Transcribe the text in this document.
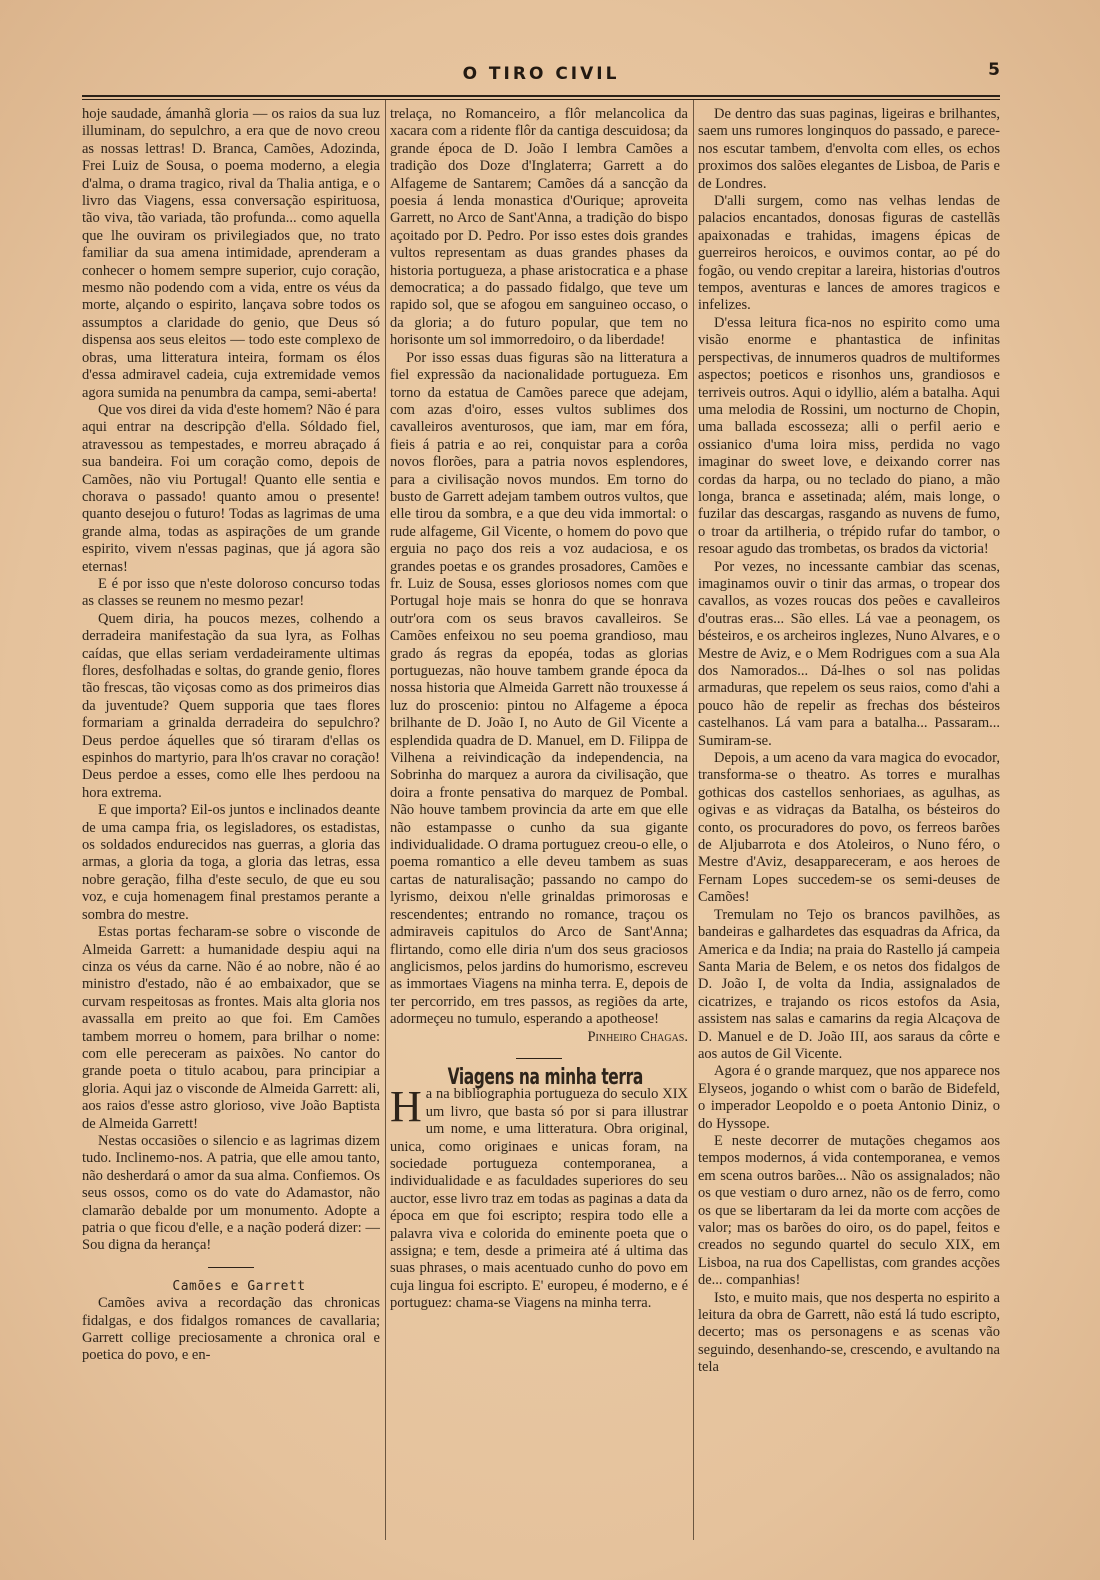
O TIRO CIVIL	5

hoje saudade, ámanhã gloria — os raios da sua luz illuminam, do sepulchro, a era que de novo creou as nossas lettras! D. Branca, Camões, Adozinda, Frei Luiz de Sousa, o poema moderno, a elegia d'alma, o drama tragico, rival da Thalia antiga, e o livro das Viagens, essa conversação espirituosa, tão viva, tão variada, tão profunda... como aquella que lhe ouviram os privilegiados que, no trato familiar da sua amena intimidade, aprenderam a conhecer o homem sempre superior, cujo coração, mesmo não podendo com a vida, entre os véus da morte, alçando o espirito, lançava sobre todos os assumptos a claridade do genio, que Deus só dispensa aos seus eleitos — todo este complexo de obras, uma litteratura inteira, formam os élos d'essa admiravel cadeia, cuja extremidade vemos agora sumida na penumbra da campa, semi-aberta!

Que vos direi da vida d'este homem? Não é para aqui entrar na descripção d'ella. Sóldado fiel, atravessou as tempestades, e morreu abraçado á sua bandeira. Foi um coração como, depois de Camões, não viu Portugal! Quanto elle sentia e chorava o passado! quanto amou o presente! quanto desejou o futuro! Todas as lagrimas de uma grande alma, todas as aspirações de um grande espirito, vivem n'essas paginas, que já agora são eternas!

E é por isso que n'este doloroso concurso todas as classes se reunem no mesmo pezar!

Quem diria, ha poucos mezes, colhendo a derradeira manifestação da sua lyra, as Folhas caídas, que ellas seriam verdadeiramente ultimas flores, desfolhadas e soltas, do grande genio, flores tão frescas, tão viçosas como as dos primeiros dias da juventude? Quem supporia que taes flores formariam a grinalda derradeira do sepulchro? Deus perdoe áquelles que só tiraram d'ellas os espinhos do martyrio, para lh'os cravar no coração! Deus perdoe a esses, como elle lhes perdoou na hora extrema.

E que importa? Eil-os juntos e inclinados deante de uma campa fria, os legisladores, os estadistas, os soldados endurecidos nas guerras, a gloria das armas, a gloria da toga, a gloria das letras, essa nobre geração, filha d'este seculo, de que eu sou voz, e cuja homenagem final prestamos perante a sombra do mestre.

Estas portas fecharam-se sobre o visconde de Almeida Garrett: a humanidade despiu aqui na cinza os véus da carne. Não é ao nobre, não é ao ministro d'estado, não é ao embaixador, que se curvam respeitosas as frontes. Mais alta gloria nos avassalla em preito ao que foi. Em Camões tambem morreu o homem, para brilhar o nome: com elle pereceram as paixões. No cantor do grande poeta o titulo acabou, para principiar a gloria. Aqui jaz o visconde de Almeida Garrett: ali, aos raios d'esse astro glorioso, vive João Baptista de Almeida Garrett!

Nestas occasiões o silencio e as lagrimas dizem tudo. Inclinemo-nos. A patria, que elle amou tanto, não desherdará o amor da sua alma. Confiemos. Os seus ossos, como os do vate do Adamastor, não clamarão debalde por um monumento. Adopte a patria o que ficou d'elle, e a nação poderá dizer: — Sou digna da herança!

Camões e Garrett

Camões aviva a recordação das chronicas fidalgas, e dos fidalgos romances de cavallaria; Garrett collige preciosamente a chronica oral e poetica do povo, e en-

trelaça, no Romanceiro, a flôr melancolica da xacara com a ridente flôr da cantiga descuidosa; da grande época de D. João I lembra Camões a tradição dos Doze d'Inglaterra; Garrett a do Alfageme de Santarem; Camões dá a sancção da poesia á lenda monastica d'Ourique; aproveita Garrett, no Arco de Sant'Anna, a tradição do bispo açoitado por D. Pedro. Por isso estes dois grandes vultos representam as duas grandes phases da historia portugueza, a phase aristocratica e a phase democratica; a do passado fidalgo, que teve um rapido sol, que se afogou em sanguineo occaso, o da gloria; a do futuro popular, que tem no horisonte um sol immorredoiro, o da liberdade!

Por isso essas duas figuras são na litteratura a fiel expressão da nacionalidade portugueza. Em torno da estatua de Camões parece que adejam, com azas d'oiro, esses vultos sublimes dos cavalleiros aventurosos, que iam, mar em fóra, fieis á patria e ao rei, conquistar para a corôa novos florões, para a patria novos esplendores, para a civilisação novos mundos. Em torno do busto de Garrett adejam tambem outros vultos, que elle tirou da sombra, e a que deu vida immortal: o rude alfageme, Gil Vicente, o homem do povo que erguia no paço dos reis a voz audaciosa, e os grandes poetas e os grandes prosadores, Camões e fr. Luiz de Sousa, esses gloriosos nomes com que Portugal hoje mais se honra do que se honrava outr'ora com os seus bravos cavalleiros. Se Camões enfeixou no seu poema grandioso, mau grado ás regras da epopéa, todas as glorias portuguezas, não houve tambem grande época da nossa historia que Almeida Garrett não trouxesse á luz do proscenio: pintou no Alfageme a época brilhante de D. João I, no Auto de Gil Vicente a esplendida quadra de D. Manuel, em D. Filippa de Vilhena a reivindicação da independencia, na Sobrinha do marquez a aurora da civilisação, que doira a fronte pensativa do marquez de Pombal. Não houve tambem provincia da arte em que elle não estampasse o cunho da sua gigante individualidade. O drama portuguez creou-o elle, o poema romantico a elle deveu tambem as suas cartas de naturalisação; passando no campo do lyrismo, deixou n'elle grinaldas primorosas e rescendentes; entrando no romance, traçou os admiraveis capitulos do Arco de Sant'Anna; flirtando, como elle diria n'um dos seus graciosos anglicismos, pelos jardins do humorismo, escreveu as immortaes Viagens na minha terra. E, depois de ter percorrido, em tres passos, as regiões da arte, adormeçeu no tumulo, esperando a apotheose!

Pinheiro Chagas.

Viagens na minha terra

Ha na bibliographia portugueza do seculo XIX um livro, que basta só por si para illustrar um nome, e uma litteratura. Obra original, unica, como originaes e unicas foram, na sociedade portugueza contemporanea, a individualidade e as faculdades superiores do seu auctor, esse livro traz em todas as paginas a data da época em que foi escripto; respira todo elle a palavra viva e colorida do eminente poeta que o assigna; e tem, desde a primeira até á ultima das suas phrases, o mais acentuado cunho do povo em cuja lingua foi escripto. E' europeu, é moderno, e é portuguez: chama-se Viagens na minha terra.

De dentro das suas paginas, ligeiras e brilhantes, saem uns rumores longinquos do passado, e parece-nos escutar tambem, d'envolta com elles, os echos proximos dos salões elegantes de Lisboa, de Paris e de Londres.

D'alli surgem, como nas velhas lendas de palacios encantados, donosas figuras de castellãs apaixonadas e trahidas, imagens épicas de guerreiros heroicos, e ouvimos contar, ao pé do fogão, ou vendo crepitar a lareira, historias d'outros tempos, aventuras e lances de amores tragicos e infelizes.

D'essa leitura fica-nos no espirito como uma visão enorme e phantastica de infinitas perspectivas, de innumeros quadros de multiformes aspectos; poeticos e risonhos uns, grandiosos e terriveis outros. Aqui o idyllio, além a batalha. Aqui uma melodia de Rossini, um nocturno de Chopin, uma ballada escosseza; alli o perfil aerio e ossianico d'uma loira miss, perdida no vago imaginar do sweet love, e deixando correr nas cordas da harpa, ou no teclado do piano, a mão longa, branca e assetinada; além, mais longe, o fuzilar das descargas, rasgando as nuvens de fumo, o troar da artilheria, o trépido rufar do tambor, o resoar agudo das trombetas, os brados da victoria!

Por vezes, no incessante cambiar das scenas, imaginamos ouvir o tinir das armas, o tropear dos cavallos, as vozes roucas dos peões e cavalleiros d'outras eras... São elles. Lá vae a peonagem, os bésteiros, e os archeiros inglezes, Nuno Alvares, e o Mestre de Aviz, e o Mem Rodrigues com a sua Ala dos Namorados... Dá-lhes o sol nas polidas armaduras, que repelem os seus raios, como d'ahi a pouco hão de repelir as frechas dos bésteiros castelhanos. Lá vam para a batalha... Passaram... Sumiram-se.

Depois, a um aceno da vara magica do evocador, transforma-se o theatro. As torres e muralhas gothicas dos castellos senhoriaes, as agulhas, as ogivas e as vidraças da Batalha, os bésteiros do conto, os procuradores do povo, os ferreos barões de Aljubarrota e dos Atoleiros, o Nuno féro, o Mestre d'Aviz, desappareceram, e aos heroes de Fernam Lopes succedem-se os semi-deuses de Camões!

Tremulam no Tejo os brancos pavilhões, as bandeiras e galhardetes das esquadras da Africa, da America e da India; na praia do Rastello já campeia Santa Maria de Belem, e os netos dos fidalgos de D. João I, de volta da India, assignalados de cicatrizes, e trajando os ricos estofos da Asia, assistem nas salas e camarins da regia Alcaçova de D. Manuel e de D. João III, aos saraus da côrte e aos autos de Gil Vicente.

Agora é o grande marquez, que nos apparece nos Elyseos, jogando o whist com o barão de Bidefeld, o imperador Leopoldo e o poeta Antonio Diniz, o do Hyssope.

E neste decorrer de mutações chegamos aos tempos modernos, á vida contemporanea, e vemos em scena outros barões... Não os assignalados; não os que vestiam o duro arnez, não os de ferro, como os que se libertaram da lei da morte com acções de valor; mas os barões do oiro, os do papel, feitos e creados no segundo quartel do seculo XIX, em Lisboa, na rua dos Capellistas, com grandes acções de... companhias!

Isto, e muito mais, que nos desperta no espirito a leitura da obra de Garrett, não está lá tudo escripto, decerto; mas os personagens e as scenas vão seguindo, desenhando-se, crescendo, e avultando na tela
